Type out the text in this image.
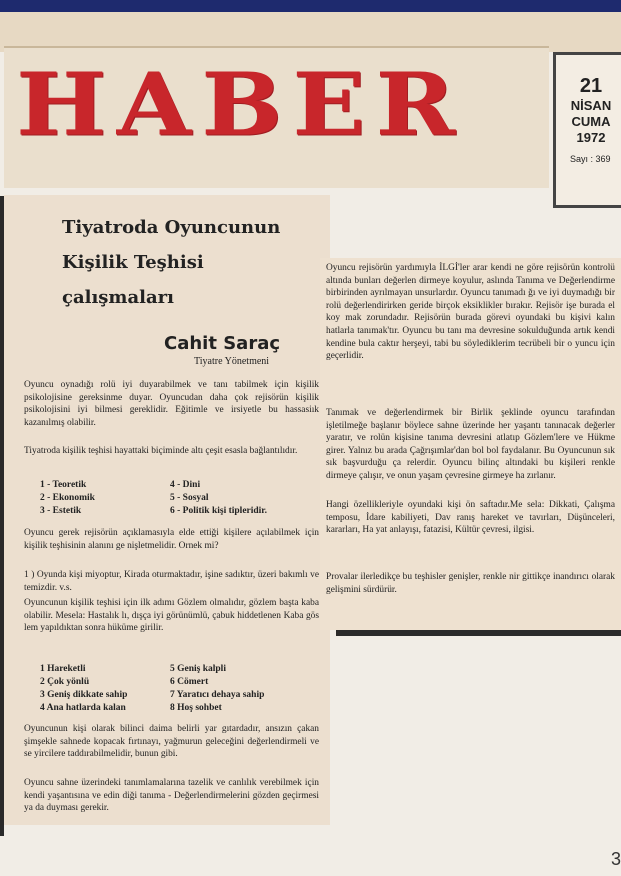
HABER	21
NİSAN
CUMA
1972
Sayı : 369
Tiyatroda Oyuncunun
Kişilik Teşhisi
çalışmaları
Cahit Saraç
Tiyatre Yönetmeni
Oyuncu oynadığı rolü iyi duyarabilmek ve tanı tabilmek için kişilik psikolojisine gereksinme duyar. Oyuncudan daha çok rejisörün kişilik psikolojisini iyi bilmesi gereklidir. Eğitimle ve irsiyetle bu hassasiık kazanılmış olabilir.
Tiyatroda kişilik teşhisi hayattaki biçiminde altı çeşit esasla bağlantılıdır.
1 - Teoretik	4 - Dini
2 - Ekonomik	5 - Sosyal
3 - Estetik	6 - Politik kişi tipleridir.
Oyuncu gerek rejisörün açıklamasıyla elde ettiği kişilere açılabilmek için kişilik teşhisinin alanını ge nişletmelidir. Ornek mi?
1 ) Oyunda kişi miyoptur, Kirada oturmaktadır, işine sadıktır, üzeri bakımlı ve temizdir. v.s.
Oyuncunun kişilik teşhisi için ilk adımı Gözlem olmalıdır, gözlem başta kaba olabilir. Mesela: Hastalık lı, dışça iyi görünümlü, çabuk hiddetlenen Kaba gös lem yapıldıktan sonra hüküme girilir.
1 Hareketli	5 Geniş kalpli
2 Çok yönlü	6 Cömert
3 Geniş dikkate sahip	7 Yaratıcı dehaya sahip
4 Ana hatlarda kalan	8 Hoş sohbet
Oyuncunun kişi olarak bilinci daima belirli yar gıtardadır, ansızın çakan şimşekle sahnede kopacak fırtınayı, yağmurun geleceğini değerlendirmeli ve se yircilere taddırabilmelidir, bunun gibi.
Oyuncu sahne üzerindeki tanımlamalarına tazelik ve canlılık verebilmek için kendi yaşantısına ve edin diği tanıma - Değerlendirmelerini gözden geçirmesi ya da duyması gerekir.
Oyuncu rejisörün yardımıyla İLGİ'ler arar kendi ne göre rejisörün kontrolü altında bunları değerlen dirmeye koyulur, aslında Tanıma ve Değerlendirme birbirinden ayrılmayan unsurlardır. Oyuncu tanımadı ğı ve iyi duymadığı bir rolü değerlendirirken geride birçok eksiklikler bırakır. Rejisör işe burada el koy mak zorundadır. Rejisörün burada görevi oyundaki bu kişivi kalın hatlarla tanımak'tır. Oyuncu bu tanı ma devresine sokulduğunda artık kendi kendine bula caktır herşeyi, tabi bu söylediklerim tecrübeli bir o yuncu için geçerlidir.
Tanımak ve değerlendirmek bir Birlik şeklinde oyuncu tarafından işletilmeğe başlanır böylece sahne üzerinde her yaşantı tanınacak değerler yaratır, ve rolün kişisine tanıma devresini atlatıp Gözlem'lere ve Hükme girer. Yalnız bu arada Çağrışımlar'dan bol bol faydalanır. Bu Oyuncunun sık sık başvurduğu ça relerdir. Oyuncu bilinç altındaki bu kişileri renkle dirmeye çalışır, ve onun yaşam çevresine girmeye ha zırlanır.
Hangi özellikleriyle oyundaki kişi ön saftadır.Me sela: Dikkati, Çalışma temposu, İdare kabiliyeti, Dav ranış hareket ve tavırları, Düşünceleri, kararları, Ha yat anlayışı, fatazisi, Kültür çevresi, ilgisi.
Provalar ilerledikçe bu teşhisler genişler, renkle nir gittikçe inandırıcı olarak gelişmini sürdürür.
3
